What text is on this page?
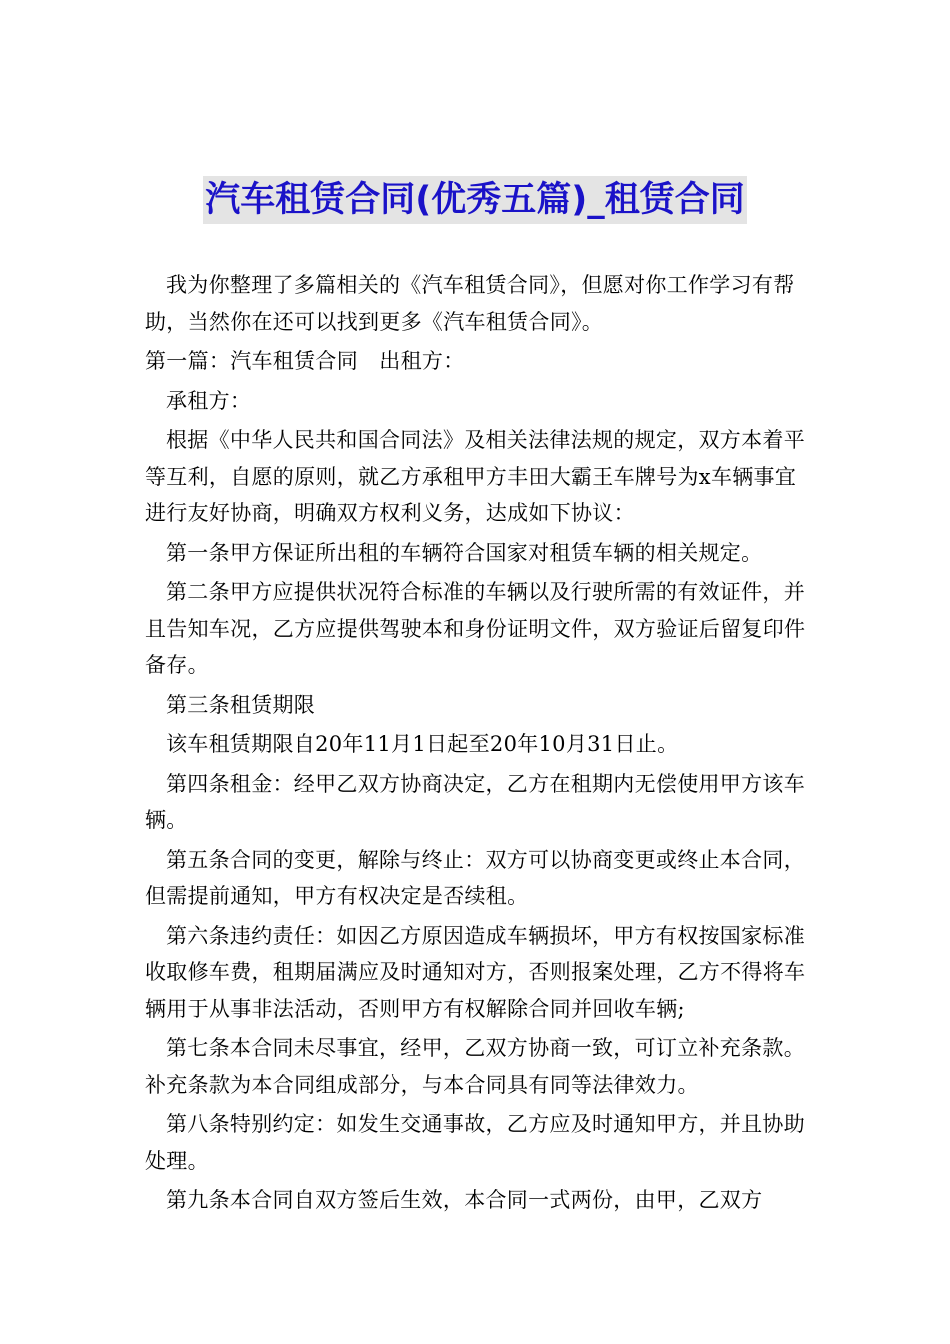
汽车租赁合同(优秀五篇)_租赁合同

我为你整理了多篇相关的《汽车租赁合同》，但愿对你工作学习有帮助，当然你在还可以找到更多《汽车租赁合同》。

第一篇：汽车租赁合同　出租方：

承租方：

根据《中华人民共和国合同法》及相关法律法规的规定，双方本着平等互利，自愿的原则，就乙方承租甲方丰田大霸王车牌号为x车辆事宜进行友好协商，明确双方权利义务，达成如下协议：

第一条甲方保证所出租的车辆符合国家对租赁车辆的相关规定。

第二条甲方应提供状况符合标准的车辆以及行驶所需的有效证件，并且告知车况，乙方应提供驾驶本和身份证明文件，双方验证后留复印件备存。

第三条租赁期限

该车租赁期限自20年11月1日起至20年10月31日止。

第四条租金：经甲乙双方协商决定，乙方在租期内无偿使用甲方该车辆。

第五条合同的变更，解除与终止：双方可以协商变更或终止本合同，但需提前通知，甲方有权决定是否续租。

第六条违约责任：如因乙方原因造成车辆损坏，甲方有权按国家标准收取修车费，租期届满应及时通知对方，否则报案处理，乙方不得将车辆用于从事非法活动，否则甲方有权解除合同并回收车辆;

第七条本合同未尽事宜，经甲，乙双方协商一致，可订立补充条款。补充条款为本合同组成部分，与本合同具有同等法律效力。

第八条特别约定：如发生交通事故，乙方应及时通知甲方，并且协助处理。

第九条本合同自双方签后生效，本合同一式两份，由甲，乙双方
